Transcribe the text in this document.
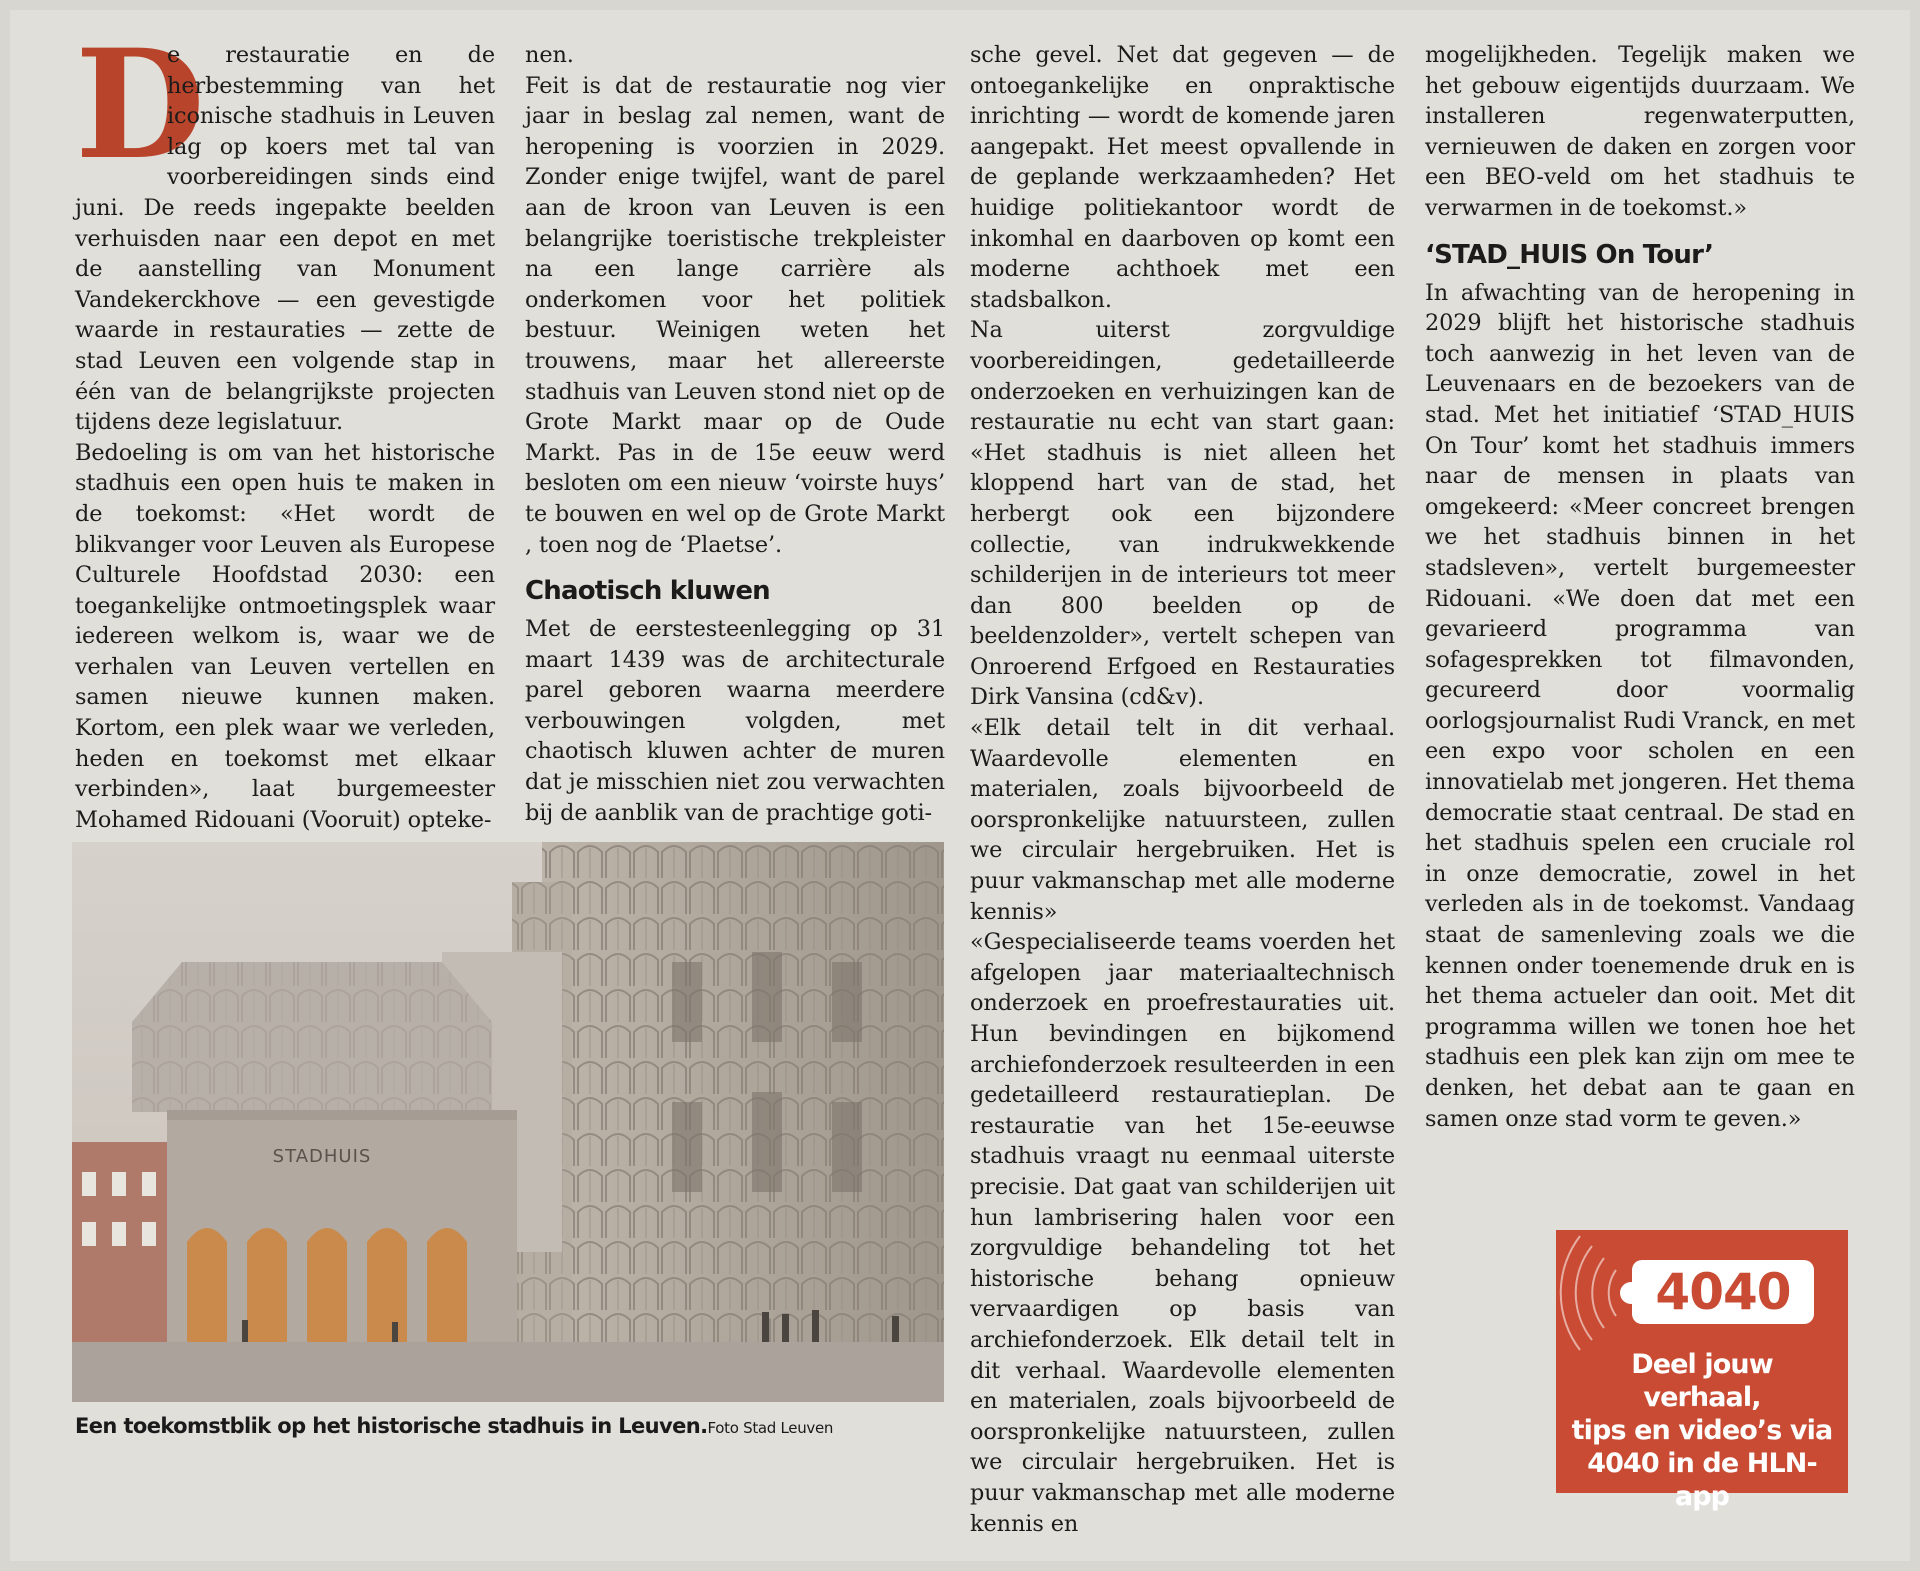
D

e restauratie en de herbestemming van het iconische stadhuis in Leuven lag op koers met tal van voorbereidingen sinds eind juni. De reeds ingepakte beelden verhuisden naar een depot en met de aanstelling van Monument Vandekerckhove — een gevestigde waarde in restauraties — zette de stad Leuven een volgende stap in één van de belangrijkste projecten tijdens deze legislatuur.

Bedoeling is om van het historische stadhuis een open huis te maken in de toekomst: «Het wordt de blikvanger voor Leuven als Europese Culturele Hoofdstad 2030: een toegankelijke ontmoetingsplek waar iedereen welkom is, waar we de verhalen van Leuven vertellen en samen nieuwe kunnen maken. Kortom, een plek waar we verleden, heden en toekomst met elkaar verbinden», laat burgemeester Mohamed Ridouani (Vooruit) opteke-

nen.

Feit is dat de restauratie nog vier jaar in beslag zal nemen, want de heropening is voorzien in 2029. Zonder enige twijfel, want de parel aan de kroon van Leuven is een belangrijke toeristische trekpleister na een lange carrière als onderkomen voor het politiek bestuur. Weinigen weten het trouwens, maar het allereerste stadhuis van Leuven stond niet op de Grote Markt maar op de Oude Markt. Pas in de 15e eeuw werd besloten om een nieuw ‘voirste huys’ te bouwen en wel op de Grote Markt , toen nog de ‘Plaetse’.

Chaotisch kluwen

Met de eerstesteenlegging op 31 maart 1439 was de architecturale parel geboren waarna meerdere verbouwingen volgden, met chaotisch kluwen achter de muren dat je misschien niet zou verwachten bij de aanblik van de prachtige goti-

sche gevel. Net dat gegeven — de ontoegankelijke en onpraktische inrichting — wordt de komende jaren aangepakt. Het meest opvallende in de geplande werkzaamheden? Het huidige politiekantoor wordt de inkomhal en daarboven op komt een moderne achthoek met een stadsbalkon.

Na uiterst zorgvuldige voorbereidingen, gedetailleerde onderzoeken en verhuizingen kan de restauratie nu echt van start gaan: «Het stadhuis is niet alleen het kloppend hart van de stad, het herbergt ook een bijzondere collectie, van indrukwekkende schilderijen in de interieurs tot meer dan 800 beelden op de beeldenzolder», vertelt schepen van Onroerend Erfgoed en Restauraties Dirk Vansina (cd&v).

«Elk detail telt in dit verhaal. Waardevolle elementen en materialen, zoals bijvoorbeeld de oorspronkelijke natuursteen, zullen we circulair hergebruiken. Het is puur vakmanschap met alle moderne kennis»

«Gespecialiseerde teams voerden het afgelopen jaar materiaaltechnisch onderzoek en proefrestauraties uit. Hun bevindingen en bijkomend archiefonderzoek resulteerden in een gedetailleerd restauratieplan. De restauratie van het 15e-eeuwse stadhuis vraagt nu eenmaal uiterste precisie. Dat gaat van schilderijen uit hun lambrisering halen voor een zorgvuldige behandeling tot het historische behang opnieuw vervaardigen op basis van archiefonderzoek. Elk detail telt in dit verhaal. Waardevolle elementen en materialen, zoals bijvoorbeeld de oorspronkelijke natuursteen, zullen we circulair hergebruiken. Het is puur vakmanschap met alle moderne kennis en

mogelijkheden. Tegelijk maken we het gebouw eigentijds duurzaam. We installeren regenwaterputten, vernieuwen de daken en zorgen voor een BEO-veld om het stadhuis te verwarmen in de toekomst.»

‘STAD_HUIS On Tour’

In afwachting van de heropening in 2029 blijft het historische stadhuis toch aanwezig in het leven van de Leuvenaars en de bezoekers van de stad. Met het initiatief ‘STAD_HUIS On Tour’ komt het stadhuis immers naar de mensen in plaats van omgekeerd: «Meer concreet brengen we het stadhuis binnen in het stadsleven», vertelt burgemeester Ridouani. «We doen dat met een gevarieerd programma van sofagesprekken tot filmavonden, gecureerd door voormalig oorlogsjournalist Rudi Vranck, en met een expo voor scholen en een innovatielab met jongeren. Het thema democratie staat centraal. De stad en het stadhuis spelen een cruciale rol in onze democratie, zowel in het verleden als in de toekomst. Vandaag staat de samenleving zoals we die kennen onder toenemende druk en is het thema actueler dan ooit. Met dit programma willen we tonen hoe het stadhuis een plek kan zijn om mee te denken, het debat aan te gaan en samen onze stad vorm te geven.»

STADHUIS
Een toekomstblik op het historische stadhuis in Leuven.Foto Stad Leuven
4040
Deel jouw verhaal,
tips en video’s via
4040 in de HLN-app
